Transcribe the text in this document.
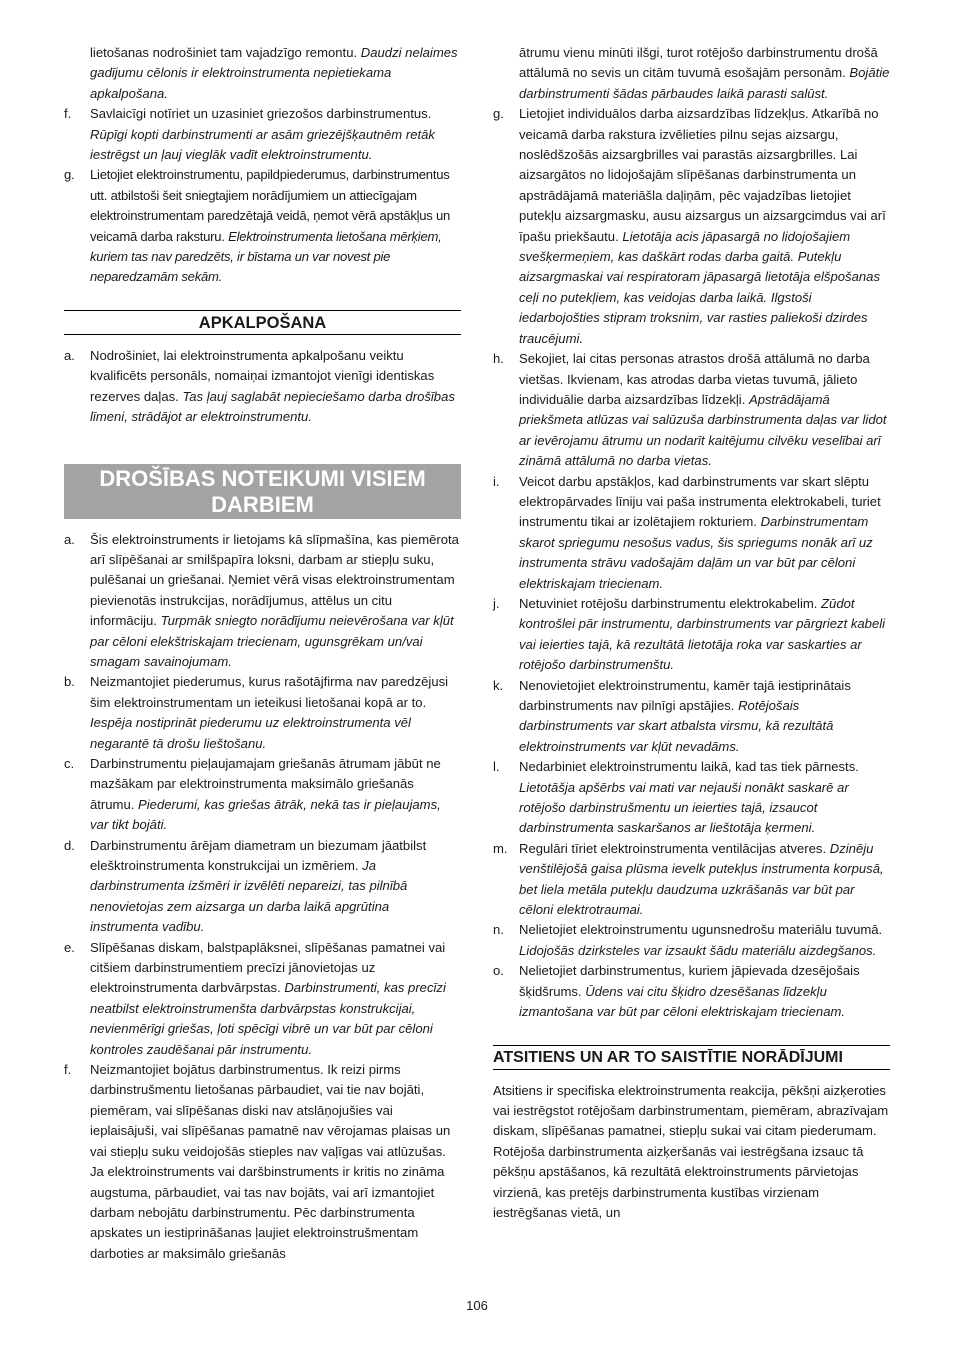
lietošanas nodrošiniet tam vajadzīgo remontu. Daudzi nelaimes gadījumu cēlonis ir elektroinstrumenta nepietiekama apkalpošana.
f. Savlaicīgi notīriet un uzasiniet griezošos darbinstrumentus. Rūpīgi kopti darbinstrumenti ar asām griezējšķautnēm retāk iestrēgst un ļauj vieglāk vadīt elektroinstrumentu.
g. Lietojiet elektroinstrumentu, papildpiederumus, darbinstrumentus utt. atbilstoši šeit sniegtajiem norādījumiem un attiecīgajam elektroinstrumentam paredzētajā veidā, ņemot vērā apstākļus un veicamā darba raksturu. Elektroinstrumenta lietošana mērķiem, kuriem tas nav paredzēts, ir bīstama un var novest pie neparedzamām sekām.
APKALPOŠANA
a. Nodrošiniet, lai elektroinstrumenta apkalpošanu veiktu kvalificēts personāls, nomaiņai izmantojot vienīgi identiskas rezerves daļas. Tas ļauj saglabāt nepieciešamo darba drošības līmeni, strādājot ar elektroinstrumentu.
DROŠĪBAS NOTEIKUMI VISIEM DARBIEM
a. Šis elektroinstruments ir lietojams kā slīpmašīna, kas piemērota arī slīpēšanai ar smilšpapīra loksni, darbam ar stiepļu suku, pulēšanai un griešanai. Ņemiet vērā visas elektroinstrumentam pievienotās instrukcijas, norādījumus, attēlus un citu informāciju. Turpmāk sniegto norādījumu neievērošana var kļūt par cēloni elekštriskajam triecienam, ugunsgrēkam un/vai smagam savainojumam.
b. Neizmantojiet piederumus, kurus rašotājfirma nav paredzējusi šim elektroinstrumentam un ieteikusi lietošanai kopā ar to. Iespēja nostiprināt piederumu uz elektroinstrumenta vēl negarantē tā drošu lieštošanu.
c. Darbinstrumentu pieļaujamajam griešanās ātrumam jābūt ne mazšākam par elektroinstrumenta maksimālo griešanās ātrumu. Piederumi, kas griešas ātrāk, nekā tas ir pieļaujams, var tikt bojāti.
d. Darbinstrumentu ārējam diametram un biezumam jāatbilst elešktroinstrumenta konstrukcijai un izmēriem. Ja darbinstrumenta izšmēri ir izvēlēti nepareizi, tas pilnībā nenovietojas zem aizsarga un darba laikā apgrūtina instrumenta vadību.
e. Slīpēšanas diskam, balstpaplāksnei, slīpēšanas pamatnei vai citšiem darbinstrumentiem precīzi jānovietojas uz elektroinstrumenta darbvārpstas. Darbinstrumenti, kas precīzi neatbilst elektroinstrumenšta darbvārpstas konstrukcijai, nevienmērīgi griešas, ļoti spēcīgi vibrē un var būt par cēloni kontroles zaudēšanai pār instrumentu.
f. Neizmantojiet bojātus darbinstrumentus. Ik reizi pirms darbinstrušmentu lietošanas pārbaudiet, vai tie nav bojāti, piemēram, vai slīpēšanas diski nav atslāņojušies vai ieplaisājuši, vai slīpēšanas pamatnē nav vērojamas plaisas un vai stiepļu suku veidojošās stieples nav vaļīgas vai atlūzušas. Ja elektroinstruments vai daršbinstruments ir kritis no zināma augstuma, pārbaudiet, vai tas nav bojāts, vai arī izmantojiet darbam nebojātu darbinstrumentu. Pēc darbinstrumenta apskates un iestiprināšanas ļaujiet elektroinstrušmentam darboties ar maksimālo griešanās
ātrumu vienu minūti ilšgi, turot rotējošo darbinstrumentu drošā attālumā no sevis un citām tuvumā esošajām personām. Bojātie darbinstrumenti šādas pārbaudes laikā parasti salūst.
g. Lietojiet individuālos darba aizsardzības līdzekļus. Atkarībā no veicamā darba rakstura izvēlieties pilnu sejas aizsargu, noslēdšzošās aizsargbrilles vai parastās aizsargbrilles. Lai aizsargātos no lidojošajām slīpēšanas darbinstrumenta un apstrādājamā materiāšla daļiņām, pēc vajadzības lietojiet putekļu aizsargmasku, ausu aizsargus un aizsargcimdus vai arī īpašu priekšautu. Lietotāja acis jāpasargā no lidojošajiem svešķermeņiem, kas daškārt rodas darba gaitā. Putekļu aizsargmaskai vai respiratoram jāpasargā lietotāja elšpošanas ceļi no putekļiem, kas veidojas darba laikā. Ilgstoši iedarbojošties stipram troksnim, var rasties paliekoši dzirdes traucējumi.
h. Sekojiet, lai citas personas atrastos drošā attālumā no darba vietšas. Ikvienam, kas atrodas darba vietas tuvumā, jālieto individuālie darba aizsardzības līdzekļi. Apstrādājamā priekšmeta atlūzas vai salūzuša darbinstrumenta daļas var lidot ar ievērojamu ātrumu un nodarīt kaitējumu cilvēku veselībai arī zināmā attālumā no darba vietas.
i. Veicot darbu apstākļos, kad darbinstruments var skart slēptu elektropārvades līniju vai paša instrumenta elektrokabeli, turiet instrumentu tikai ar izolētajiem rokturiem. Darbinstrumentam skarot spriegumu nesošus vadus, šis spriegums nonāk arī uz instrumenta strāvu vadošajām daļām un var būt par cēloni elektriskajam triecienam.
j. Netuviniet rotējošu darbinstrumentu elektrokabelim. Zūdot kontrošlei pār instrumentu, darbinstruments var pārgriezt kabeli vai ieierties tajā, kā rezultātā lietotāja roka var saskarties ar rotējošo darbinstrumenštu.
k. Nenovietojiet elektroinstrumentu, kamēr tajā iestiprinātais darbinstruments nav pilnīgi apstājies. Rotējošais darbinstruments var skart atbalsta virsmu, kā rezultātā elektroinstruments var kļūt nevadāms.
l. Nedarbiniet elektroinstrumentu laikā, kad tas tiek pārnests. Lietotāšja apšērbs vai mati var nejauši nonākt saskarē ar rotējošo darbinstrušmentu un ieierties tajā, izsaucot darbinstrumenta saskaršanos ar lieštotāja ķermeni.
m. Regulāri tīriet elektroinstrumenta ventilācijas atveres. Dzinēju venštilējošā gaisa plūsma ievelk putekļus instrumenta korpusā, bet liela metāla putekļu daudzuma uzkrāšanās var būt par cēloni elektrotraumai.
n. Nelietojiet elektroinstrumentu ugunsnedrošu materiālu tuvumā. Lidojošās dzirksteles var izsaukt šādu materiālu aizdegšanos.
o. Nelietojiet darbinstrumentus, kuriem jāpievada dzesējošais šķidšrums. Ūdens vai citu šķidro dzesēšanas līdzekļu izmantošana var būt par cēloni elektriskajam triecienam.
ATSITIENS UN AR TO SAISTĪTIE NORĀDĪJUMI
Atsitiens ir specifiska elektroinstrumenta reakcija, pēkšņi aizķeroties vai iestrēgstot rotējošam darbinstrumentam, piemēram, abrazīvajam diskam, slīpēšanas pamatnei, stiepļu sukai vai citam piederumam. Rotējoša darbinstrumenta aizķeršanās vai iestrēgšana izsauc tā pēkšņu apstāšanos, kā rezultātā elektroinstruments pārvietojas virzienā, kas pretējs darbinstrumenta kustības virzienam iestrēgšanas vietā, un
106
